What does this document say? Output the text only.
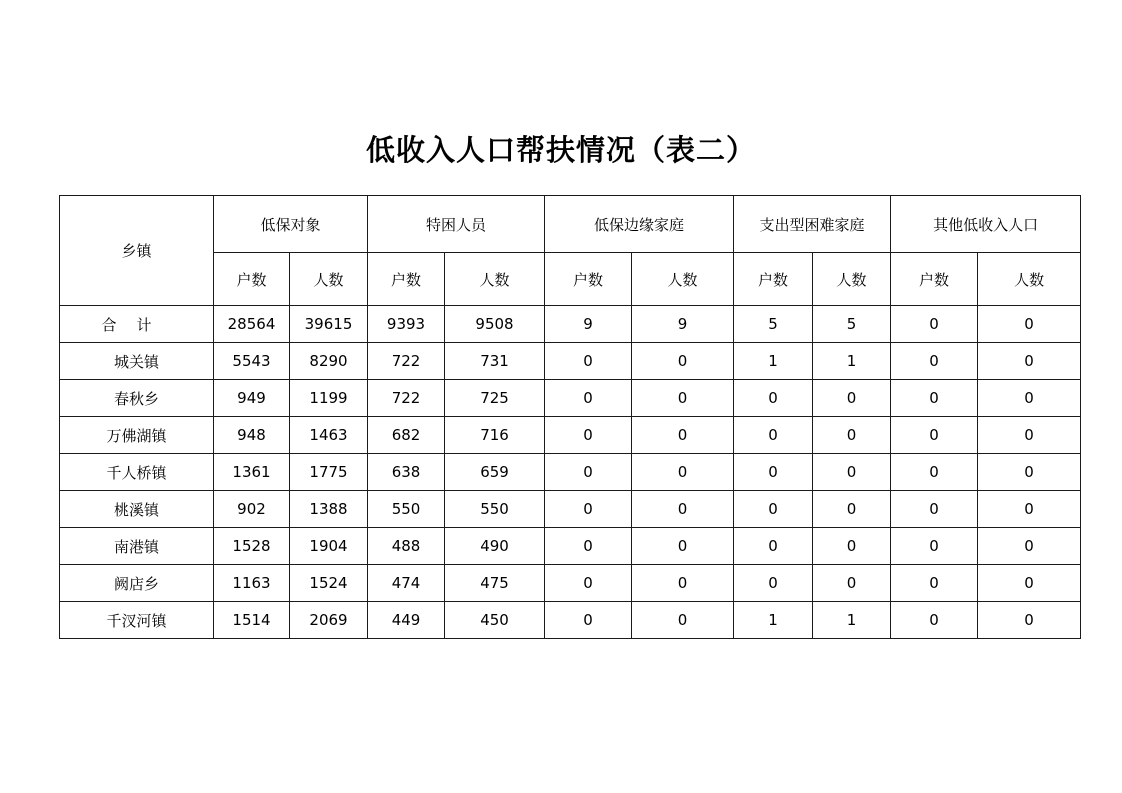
低收入人口帮扶情况（表二）
乡镇	低保对象		特困人员		低保边缘家庭		支出型困难家庭		其他低收入人口	
	户数	人数	户数	人数	户数	人数	户数	人数	户数	人数
合计	28564	39615	9393	9508	9	9	5	5	0	0
城关镇	5543	8290	722	731	0	0	1	1	0	0
春秋乡	949	1199	722	725	0	0	0	0	0	0
万佛湖镇	948	1463	682	716	0	0	0	0	0	0
千人桥镇	1361	1775	638	659	0	0	0	0	0	0
桃溪镇	902	1388	550	550	0	0	0	0	0	0
南港镇	1528	1904	488	490	0	0	0	0	0	0
阙店乡	1163	1524	474	475	0	0	0	0	0	0
千汊河镇	1514	2069	449	450	0	0	1	1	0	0
